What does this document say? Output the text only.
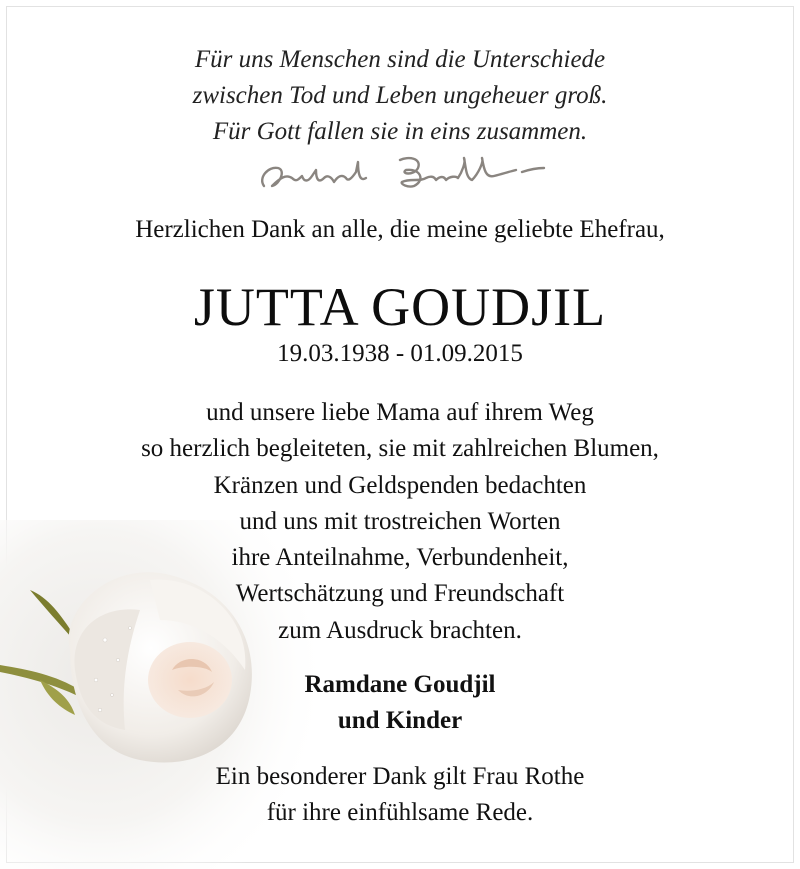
Für uns Menschen sind die Unterschiede
zwischen Tod und Leben ungeheuer groß.
Für Gott fallen sie in eins zusammen.
Herzlichen Dank an alle, die meine geliebte Ehefrau,
JUTTA GOUDJIL
19.03.1938 - 01.09.2015
und unsere liebe Mama auf ihrem Weg
so herzlich begleiteten, sie mit zahlreichen Blumen,
Kränzen und Geldspenden bedachten
und uns mit trostreichen Worten
ihre Anteilnahme, Verbundenheit,
Wertschätzung und Freundschaft
zum Ausdruck brachten.
Ramdane Goudjil
und Kinder
Ein besonderer Dank gilt Frau Rothe
für ihre einfühlsame Rede.
